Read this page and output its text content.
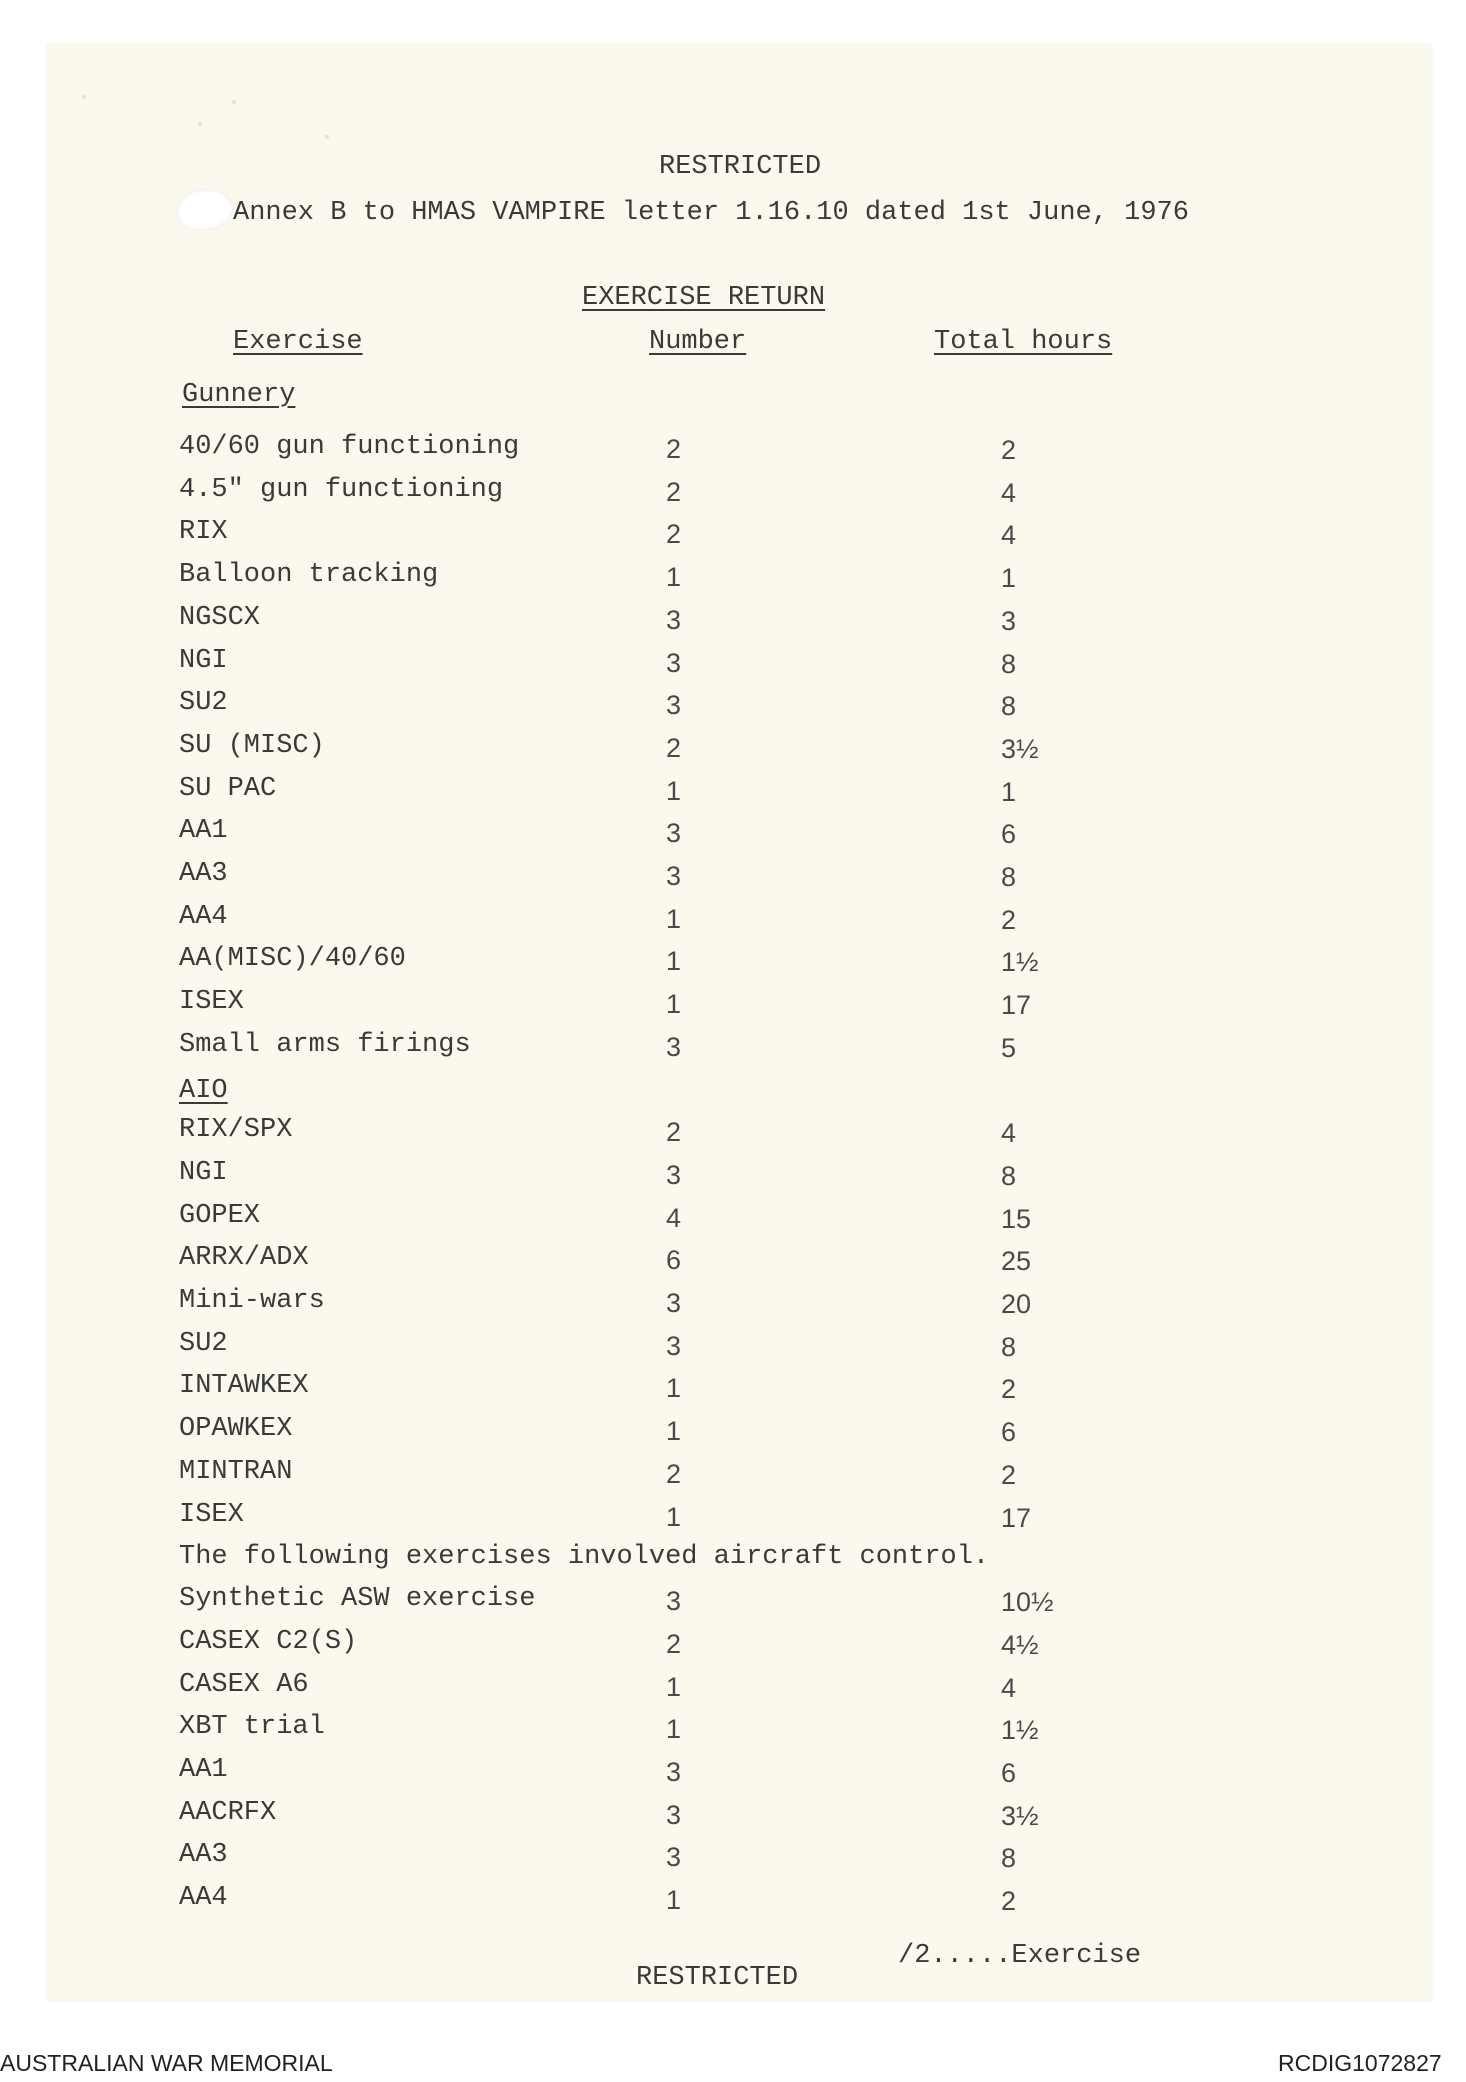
RESTRICTED
Annex B to HMAS VAMPIRE letter 1.16.10 dated 1st June, 1976
EXERCISE RETURN
Exercise	Number	Total hours
Gunnery
40/60 gun functioning	2	2
4.5" gun functioning	2	4
RIX	2	4
Balloon tracking	1	1
NGSCX	3	3
NGI	3	8
SU2	3	8
SU (MISC)	2	3½
SU PAC	1	1
AA1	3	6
AA3	3	8
AA4	1	2
AA(MISC)/40/60	1	1½
ISEX	1	17
Small arms firings	3	5
AIO
RIX/SPX	2	4
NGI	3	8
GOPEX	4	15
ARRX/ADX	6	25
Mini-wars	3	20
SU2	3	8
INTAWKEX	1	2
OPAWKEX	1	6
MINTRAN	2	2
ISEX	1	17
The following exercises involved aircraft control.
Synthetic ASW exercise	3	10½
CASEX C2(S)	2	4½
CASEX A6	1	4
XBT trial	1	1½
AA1	3	6
AACRFX	3	3½
AA3	3	8
AA4	1	2
/2.....Exercise
RESTRICTED
AUSTRALIAN WAR MEMORIAL	RCDIG1072827
